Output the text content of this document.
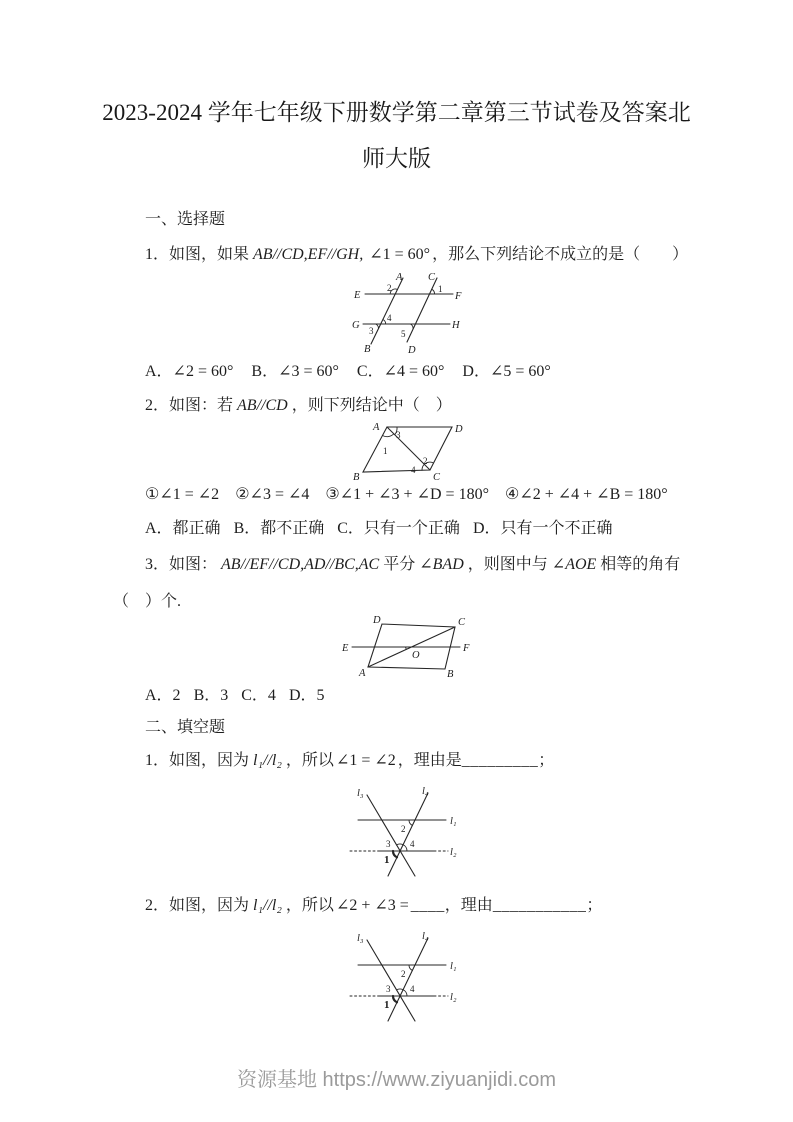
2023-2024 学年七年级下册数学第二章第三节试卷及答案北
师大版
一、选择题
1．如图，如果 AB//CD,EF//GH, ∠1 = 60° ，那么下列结论不成立的是（　　）
A
B
C
D
E	F
G	H
2	1
4
3	5
A．∠2 = 60° B．∠3 = 60° C．∠4 = 60° D．∠5 = 60°
2．如图：若 AB//CD ，则下列结论中（　）
A	D
B	C
3
1
2
4
①∠1 = ∠2 ②∠3 = ∠4 ③∠1 + ∠3 + ∠D = 180° ④∠2 + ∠4 + ∠B = 180°
A．都正确 B．都不正确 C．只有一个正确 D．只有一个不正确
3．如图： AB//EF//CD,AD//BC,AC 平分 ∠BAD ，则图中与 ∠AOE 相等的角有
（　）个.
D	C
E	F
A	B
O
A．2 B．3 C．4 D．5
二、填空题
1．如图，因为 l₁//l₂ ，所以 ∠1 = ∠2 ，理由是_________；
l₃	l₄
l₁
l₂
2
3 4
1
2．如图，因为 l₁//l₂ ，所以 ∠2 + ∠3 = ____，理由___________；
l₃	l₄
l₁
l₂
2
3 4
1
资源基地 https://www.ziyuanjidi.com
